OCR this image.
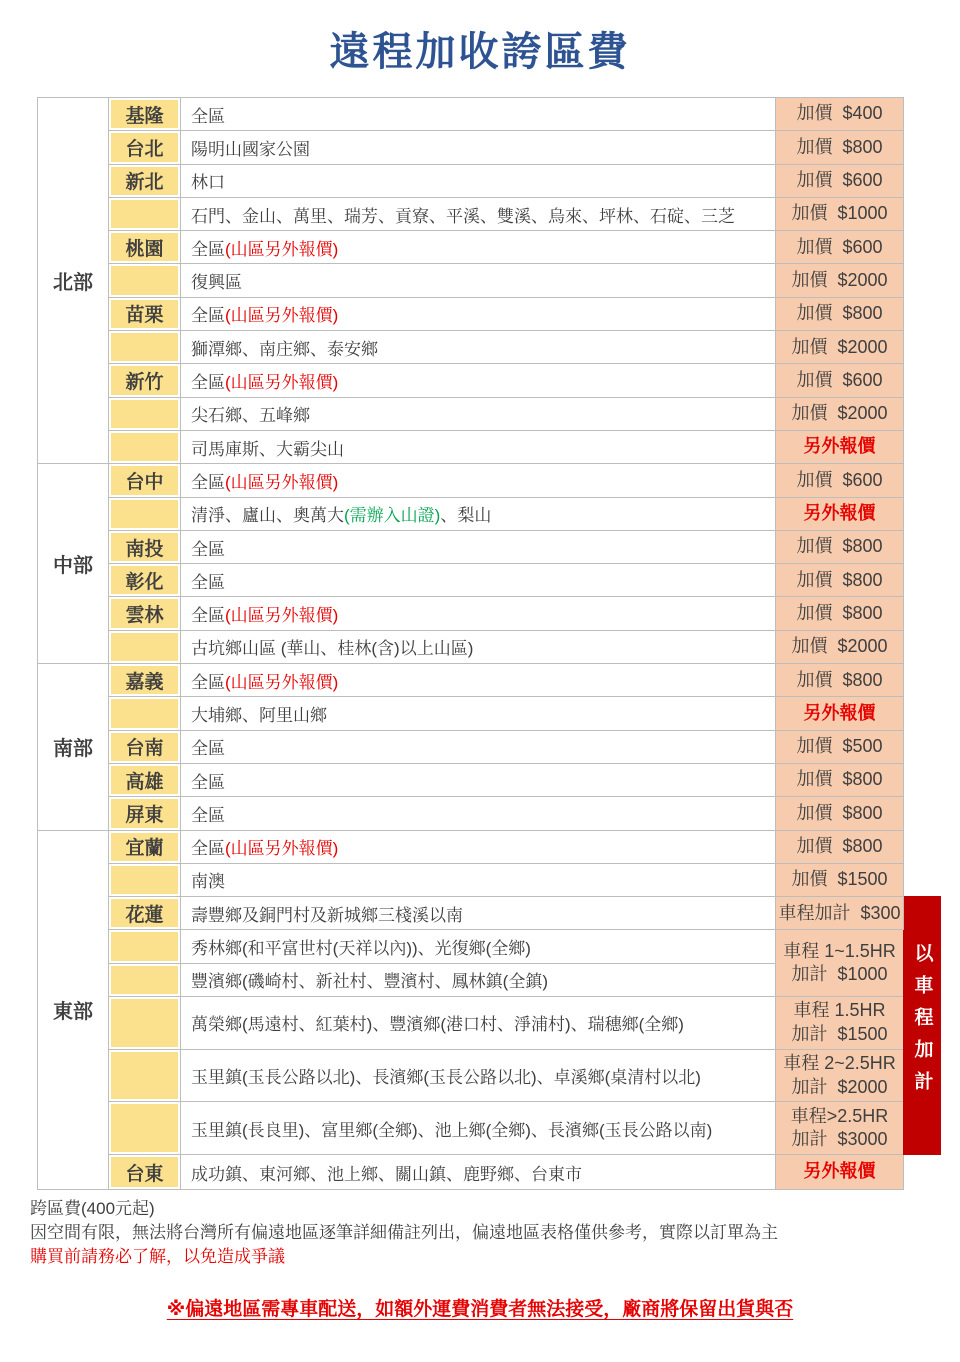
遠程加收誇區費
北部	基隆	全區	加價  $400	

	台北	陽明山國家公園	加價  $800	

	新北	林口	加價  $600	

		石門、金山、萬里、瑞芳、貢寮、平溪、雙溪、烏來、坪林、石碇、三芝	加價  $1000	

	桃園	全區(山區另外報價)	加價  $600	

		復興區	加價  $2000	

	苗栗	全區(山區另外報價)	加價  $800	

		獅潭鄉、南庄鄉、泰安鄉	加價  $2000	

	新竹	全區(山區另外報價)	加價  $600	

		尖石鄉、五峰鄉	加價  $2000	

		司馬庫斯、大霸尖山	另外報價	

中部	台中	全區(山區另外報價)	加價  $600	

		清淨、廬山、奧萬大(需辦入山證)、梨山	另外報價	

	南投	全區	加價  $800	

	彰化	全區	加價  $800	

	雲林	全區(山區另外報價)	加價  $800	

		古坑鄉山區 (華山、桂林(含)以上山區)	加價  $2000	

南部	嘉義	全區(山區另外報價)	加價  $800	

		大埔鄉、阿里山鄉	另外報價	

	台南	全區	加價  $500	

	高雄	全區	加價  $800	

	屏東	全區	加價  $800	

東部	宜蘭	全區(山區另外報價)	加價  $800	

		南澳	加價  $1500	

	花蓮	壽豐鄉及銅門村及新城鄉三棧溪以南	車程加計  $300	以車程加計
		秀林鄉(和平富世村(天祥以內))、光復鄉(全鄉)	車程 1~1.5HR
加計  $1000	

		豐濱鄉(磯崎村、新社村、豐濱村、鳳林鎮(全鎮)		
		萬榮鄉(馬遠村、紅葉村)、豐濱鄉(港口村、淨浦村)、瑞穗鄉(全鄉)	車程 1.5HR
加計  $1500	

		玉里鎮(玉長公路以北)、長濱鄉(玉長公路以北)、卓溪鄉(桌清村以北)	車程 2~2.5HR
加計  $2000	

		玉里鎮(長良里)、富里鄉(全鄉)、池上鄉(全鄉)、長濱鄉(玉長公路以南)	車程>2.5HR
加計  $3000	

	台東	成功鎮、東河鄉、池上鄉、關山鎮、鹿野鄉、台東市	另外報價	

跨區費(400元起)
因空間有限，無法將台灣所有偏遠地區逐筆詳細備註列出，偏遠地區表格僅供參考，實際以訂單為主
購買前請務必了解，以免造成爭議
※偏遠地區需專車配送，如額外運費消費者無法接受，廠商將保留出貨與否
